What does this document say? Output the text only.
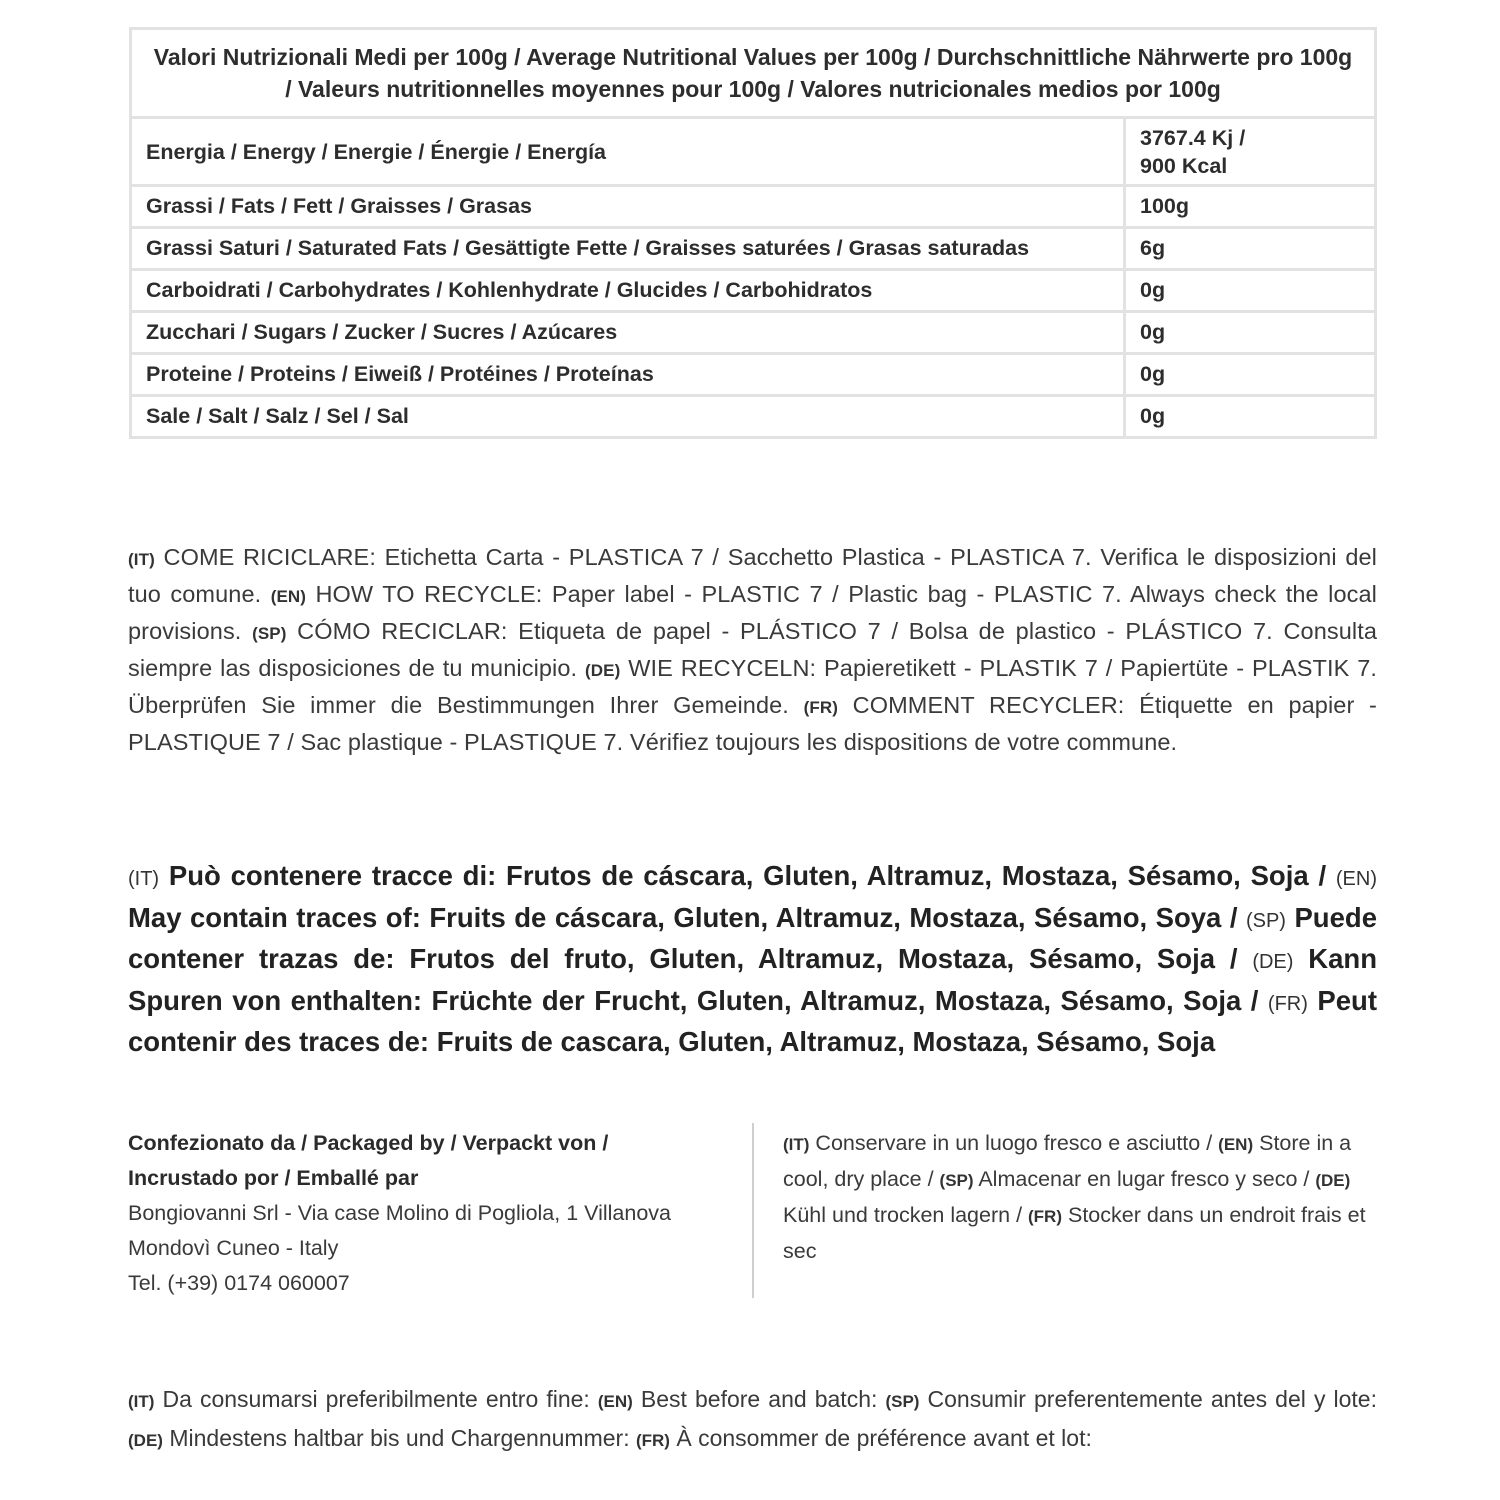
Valori Nutrizionali Medi per 100g / Average Nutritional Values per 100g / Durchschnittliche Nährwerte pro 100g / Valeurs nutritionnelles moyennes pour 100g / Valores nutricionales medios por 100g	
Energia / Energy / Energie / Énergie / Energía	3767.4 Kj /
900 Kcal
Grassi / Fats / Fett / Graisses / Grasas	100g
Grassi Saturi / Saturated Fats / Gesättigte Fette / Graisses saturées / Grasas saturadas	6g
Carboidrati / Carbohydrates / Kohlenhydrate / Glucides / Carbohidratos	0g
Zucchari / Sugars / Zucker / Sucres / Azúcares	0g
Proteine / Proteins / Eiweiß / Protéines / Proteínas	0g
Sale / Salt / Salz / Sel / Sal	0g
(IT) COME RICICLARE: Etichetta Carta - PLASTICA 7 / Sacchetto Plastica - PLASTICA 7. Verifica le disposizioni del tuo comune. (EN) HOW TO RECYCLE: Paper label - PLASTIC 7 / Plastic bag - PLASTIC 7. Always check the local provisions. (SP) CÓMO RECICLAR: Etiqueta de papel - PLÁSTICO 7 / Bolsa de plastico - PLÁSTICO 7. Consulta siempre las disposiciones de tu municipio. (DE) WIE RECYCELN: Papieretikett - PLASTIK 7 / Papiertüte - PLASTIK 7. Überprüfen Sie immer die Bestimmungen Ihrer Gemeinde. (FR) COMMENT RECYCLER: Étiquette en papier - PLASTIQUE 7 / Sac plastique - PLASTIQUE 7. Vérifiez toujours les dispositions de votre commune.
(IT) Può contenere tracce di: Frutos de cáscara, Gluten, Altramuz, Mostaza, Sésamo, Soja / (EN) May contain traces of: Fruits de cáscara, Gluten, Altramuz, Mostaza, Sésamo, Soya / (SP) Puede contener trazas de: Frutos del fruto, Gluten, Altramuz, Mostaza, Sésamo, Soja / (DE) Kann Spuren von enthalten: Früchte der Frucht, Gluten, Altramuz, Mostaza, Sésamo, Soja / (FR) Peut contenir des traces de: Fruits de cascara, Gluten, Altramuz, Mostaza, Sésamo, Soja
Confezionato da / Packaged by / Verpackt von /
Incrustado por / Emballé par
Bongiovanni Srl - Via case Molino di Pogliola, 1 Villanova
Mondovì Cuneo - Italy
Tel. (+39) 0174 060007
(IT) Conservare in un luogo fresco e asciutto / (EN) Store in a cool, dry place / (SP) Almacenar en lugar fresco y seco / (DE) Kühl und trocken lagern / (FR) Stocker dans un endroit frais et sec
(IT) Da consumarsi preferibilmente entro fine: (EN) Best before and batch: (SP) Consumir preferentemente antes del y lote: (DE) Mindestens haltbar bis und Chargennummer: (FR) À consommer de préférence avant et lot:
